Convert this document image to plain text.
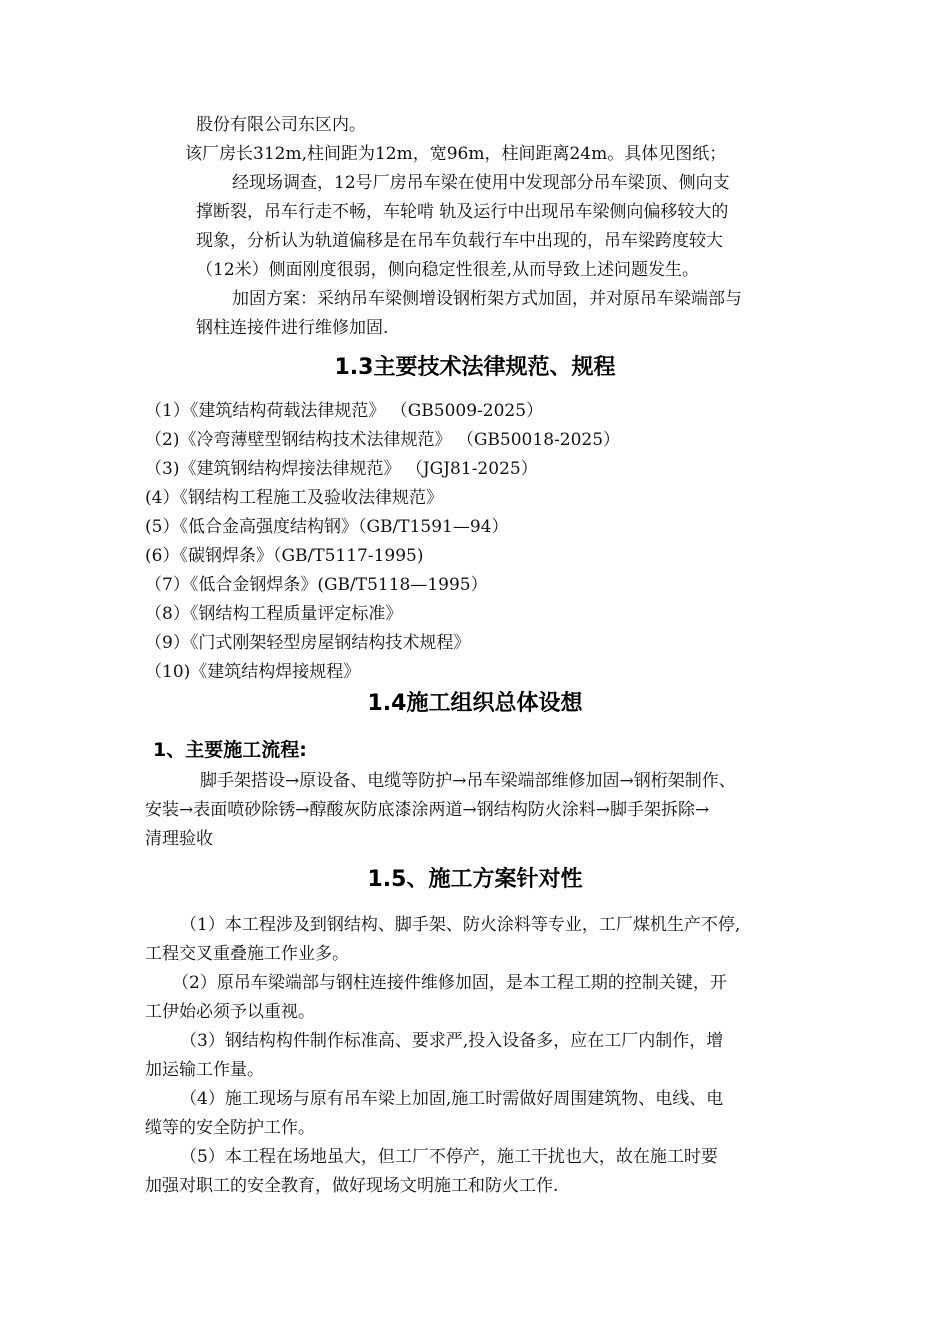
股份有限公司东区内。
该厂房长312m,柱间距为12m，宽96m，柱间距离24m。具体见图纸；
经现场调查，12号厂房吊车梁在使用中发现部分吊车梁顶、侧向支
撑断裂，吊车行走不畅，车轮啃 轨及运行中出现吊车梁侧向偏移较大的
现象，分析认为轨道偏移是在吊车负载行车中出现的，吊车梁跨度较大
（12米）侧面刚度很弱，侧向稳定性很差,从而导致上述问题发生。
加固方案：采纳吊车梁侧增设钢桁架方式加固，并对原吊车梁端部与
钢柱连接件进行维修加固.
1.3主要技术法律规范、规程
（1）《建筑结构荷载法律规范》 （GB5009-2025）
（2)《冷弯薄壁型钢结构技术法律规范》 （GB50018-2025）
（3)《建筑钢结构焊接法律规范》 （JGJ81-2025）
(4）《钢结构工程施工及验收法律规范》
(5）《低合金高强度结构钢》（GB/T1591—94）
(6）《碳钢焊条》（GB/T5117-1995)
（7）《低合金钢焊条》(GB/T5118—1995）
（8）《钢结构工程质量评定标准》
（9）《门式刚架轻型房屋钢结构技术规程》
（10)《建筑结构焊接规程》
1.4施工组织总体设想
1、主要施工流程:
脚手架搭设→原设备、电缆等防护→吊车梁端部维修加固→钢桁架制作、
安装→表面喷砂除锈→醇酸灰防底漆涂两道→钢结构防火涂料→脚手架拆除→
清理验收
1.5、施工方案针对性
（1）本工程涉及到钢结构、脚手架、防火涂料等专业，工厂煤机生产不停,
工程交叉重叠施工作业多。
（2）原吊车梁端部与钢柱连接件维修加固，是本工程工期的控制关键，开
工伊始必须予以重视。
（3）钢结构构件制作标准高、要求严,投入设备多，应在工厂内制作，增
加运输工作量。
（4）施工现场与原有吊车梁上加固,施工时需做好周围建筑物、电线、电
缆等的安全防护工作。
（5）本工程在场地虽大，但工厂不停产，施工干扰也大，故在施工时要
加强对职工的安全教育，做好现场文明施工和防火工作.
